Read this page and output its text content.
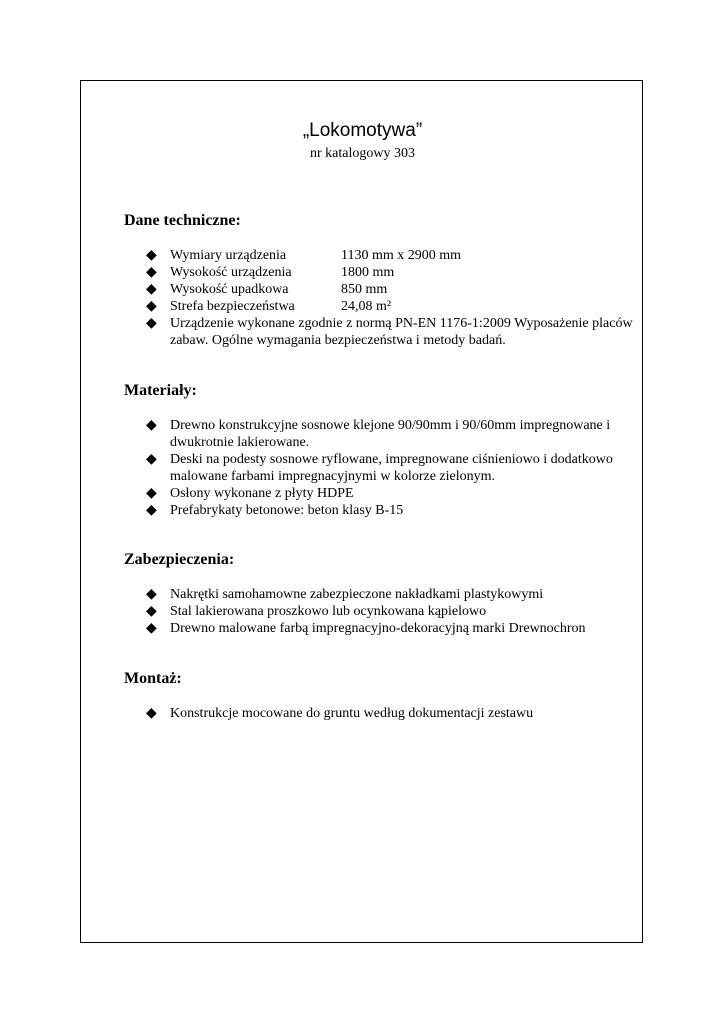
„Lokomotywa”
nr katalogowy 303
Dane techniczne:
◆ Wymiary urządzenia	1130 mm x 2900 mm
◆ Wysokość urządzenia	1800 mm
◆ Wysokość upadkowa	850 mm
◆ Strefa bezpieczeństwa	24,08 m²
◆ Urządzenie wykonane zgodnie z normą PN-EN 1176-1:2009 Wyposażenie placów zabaw. Ogólne wymagania bezpieczeństwa i metody badań.
Materiały:
◆ Drewno konstrukcyjne sosnowe klejone 90/90mm i 90/60mm impregnowane i dwukrotnie lakierowane.
◆ Deski na podesty sosnowe ryflowane, impregnowane ciśnieniowo i dodatkowo malowane farbami impregnacyjnymi w kolorze zielonym.
◆ Osłony wykonane z płyty HDPE
◆ Prefabrykaty betonowe: beton klasy B-15
Zabezpieczenia:
◆ Nakrętki samohamowne zabezpieczone nakładkami plastykowymi
◆ Stal lakierowana proszkowo lub ocynkowana kąpielowo
◆ Drewno malowane farbą impregnacyjno-dekoracyjną marki Drewnochron
Montaż:
◆ Konstrukcje mocowane do gruntu według dokumentacji zestawu
